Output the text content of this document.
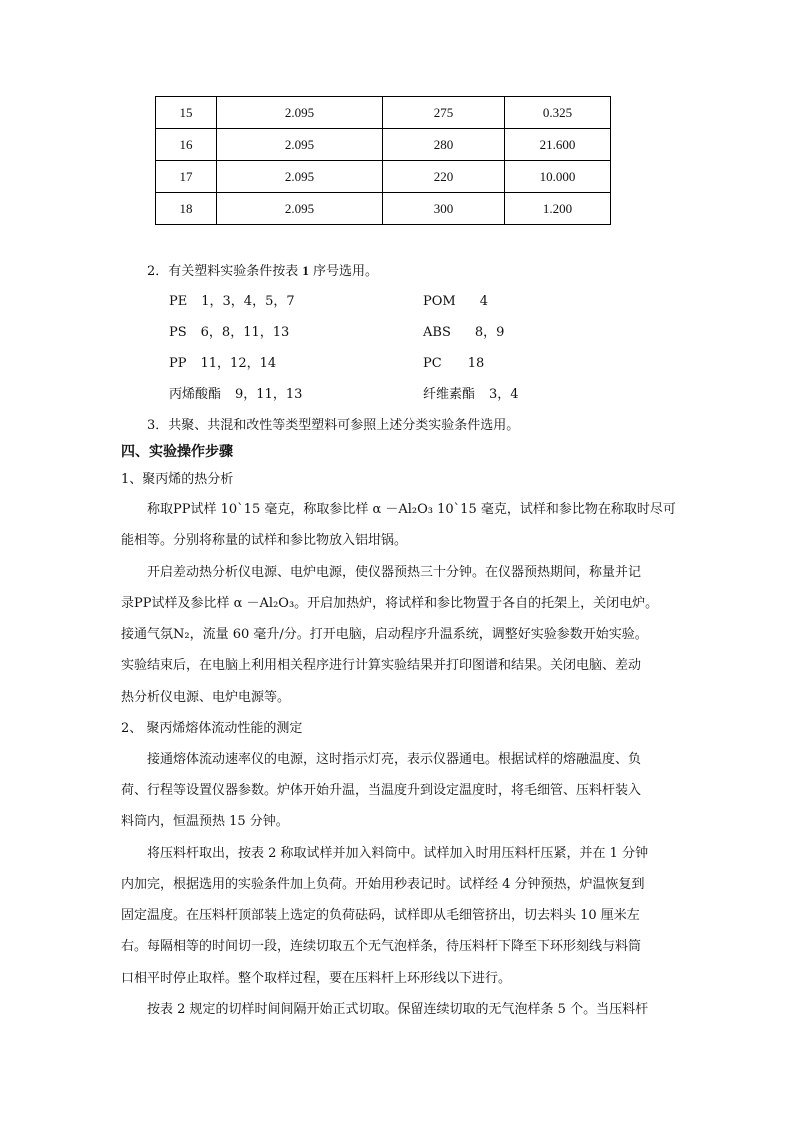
15	2.095	275	0.325
16	2.095	280	21.600
17	2.095	220	10.000
18	2.095	300	1.200
2．有关塑料实验条件按表 1 序号选用。
PE 1，3，4，5，7	POM 4
PS 6，8，11，13	ABS 8，9
PP 11，12，14	PC 18
丙烯酸酯 9，11，13	纤维素酯 3，4
3．共聚、共混和改性等类型塑料可参照上述分类实验条件选用。
四、实验操作步骤
1、聚丙烯的热分析
称取PP试样 10`15 毫克，称取参比样 α －Al₂O₃ 10`15 毫克，试样和参比物在称取时尽可
能相等。分别将称量的试样和参比物放入铝坩锅。
开启差动热分析仪电源、电炉电源，使仪器预热三十分钟。在仪器预热期间，称量并记
录PP试样及参比样 α －Al₂O₃。开启加热炉，将试样和参比物置于各自的托架上，关闭电炉。
接通气氛N₂，流量 60 毫升/分。打开电脑，启动程序升温系统，调整好实验参数开始实验。
实验结束后，在电脑上利用相关程序进行计算实验结果并打印图谱和结果。关闭电脑、差动
热分析仪电源、电炉电源等。
2、 聚丙烯熔体流动性能的测定
接通熔体流动速率仪的电源，这时指示灯亮，表示仪器通电。根据试样的熔融温度、负
荷、行程等设置仪器参数。炉体开始升温，当温度升到设定温度时，将毛细管、压料杆装入
料筒内，恒温预热 15 分钟。
将压料杆取出，按表 2 称取试样并加入料筒中。试样加入时用压料杆压紧，并在 1 分钟
内加完，根据选用的实验条件加上负荷。开始用秒表记时。试样经 4 分钟预热，炉温恢复到
固定温度。在压料杆顶部装上选定的负荷砝码，试样即从毛细管挤出，切去料头 10 厘米左
右。每隔相等的时间切一段，连续切取五个无气泡样条，待压料杆下降至下环形刻线与料筒
口相平时停止取样。整个取样过程，要在压料杆上环形线以下进行。
按表 2 规定的切样时间间隔开始正式切取。保留连续切取的无气泡样条 5 个。当压料杆
